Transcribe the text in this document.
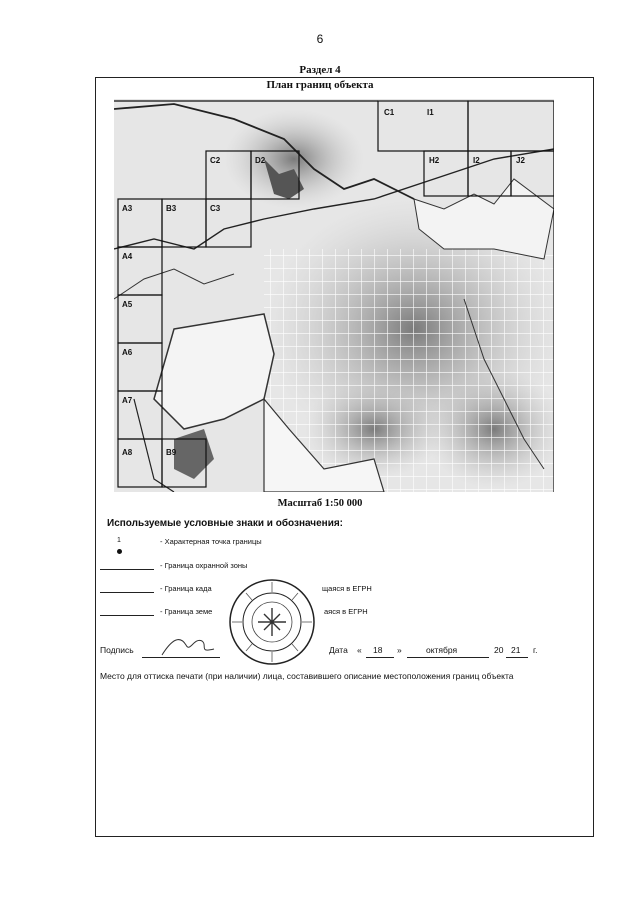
6
Раздел 4
План границ объекта
C1	I1
H2	I2	J2
C2	D2
A3	B3	C3
A4
A5
A6
A7
A8	B9
Масштаб 1:50 000
Используемые условные знаки и обозначения:
1	- Характерная точка границы
- Граница охранной зоны
- Граница када	щаяся в ЕГРН
- Граница земе	аяся в ЕГРН
Подпись	Дата « 18 »	октября	20 21 г.
Место для оттиска печати (при наличии) лица, составившего описание местоположения границ объекта
